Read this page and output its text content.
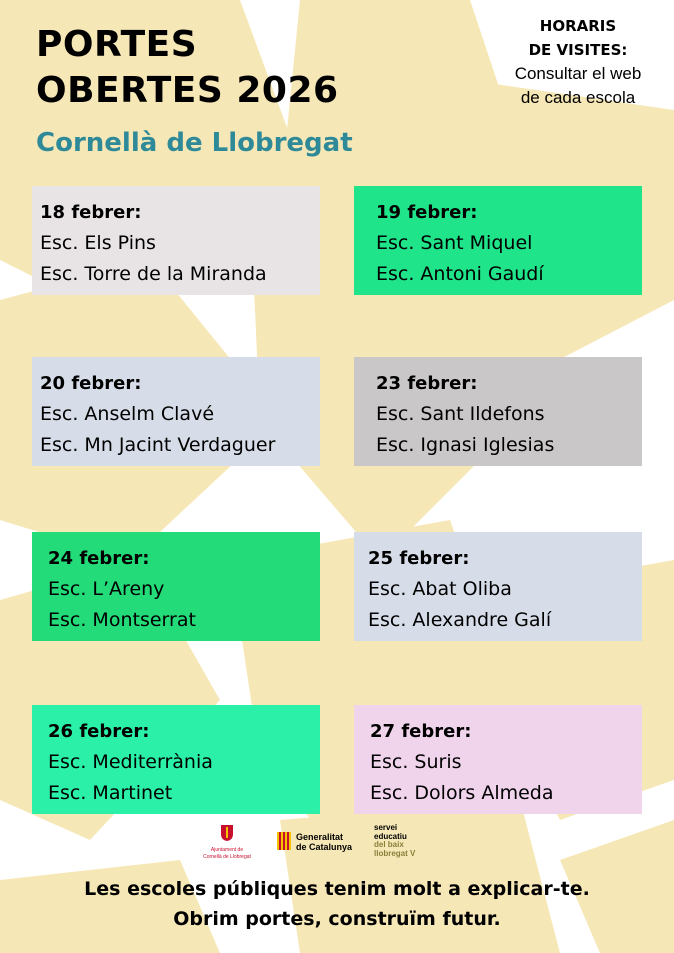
PORTES
OBERTES 2026
Cornellà de Llobregat
HORARIS
DE VISITES:
Consultar el web
de cada escola
18 febrer:
Esc. Els Pins
Esc. Torre de la Miranda
19 febrer:
Esc. Sant Miquel
Esc. Antoni Gaudí
20 febrer:
Esc. Anselm Clavé
Esc. Mn Jacint Verdaguer
23 febrer:
Esc. Sant Ildefons
Esc. Ignasi Iglesias
24 febrer:
Esc. L’Areny
Esc. Montserrat
25 febrer:
Esc. Abat Oliba
Esc. Alexandre Galí
26 febrer:
Esc. Mediterrània
Esc. Martinet
27 febrer:
Esc. Suris
Esc. Dolors Almeda
Ajuntament de
Cornellà de Llobregat
Generalitat
de Catalunya
servei
educatiu
del baix
llobregat V
Les escoles públiques tenim molt a explicar-te.
Obrim portes, construïm futur.
